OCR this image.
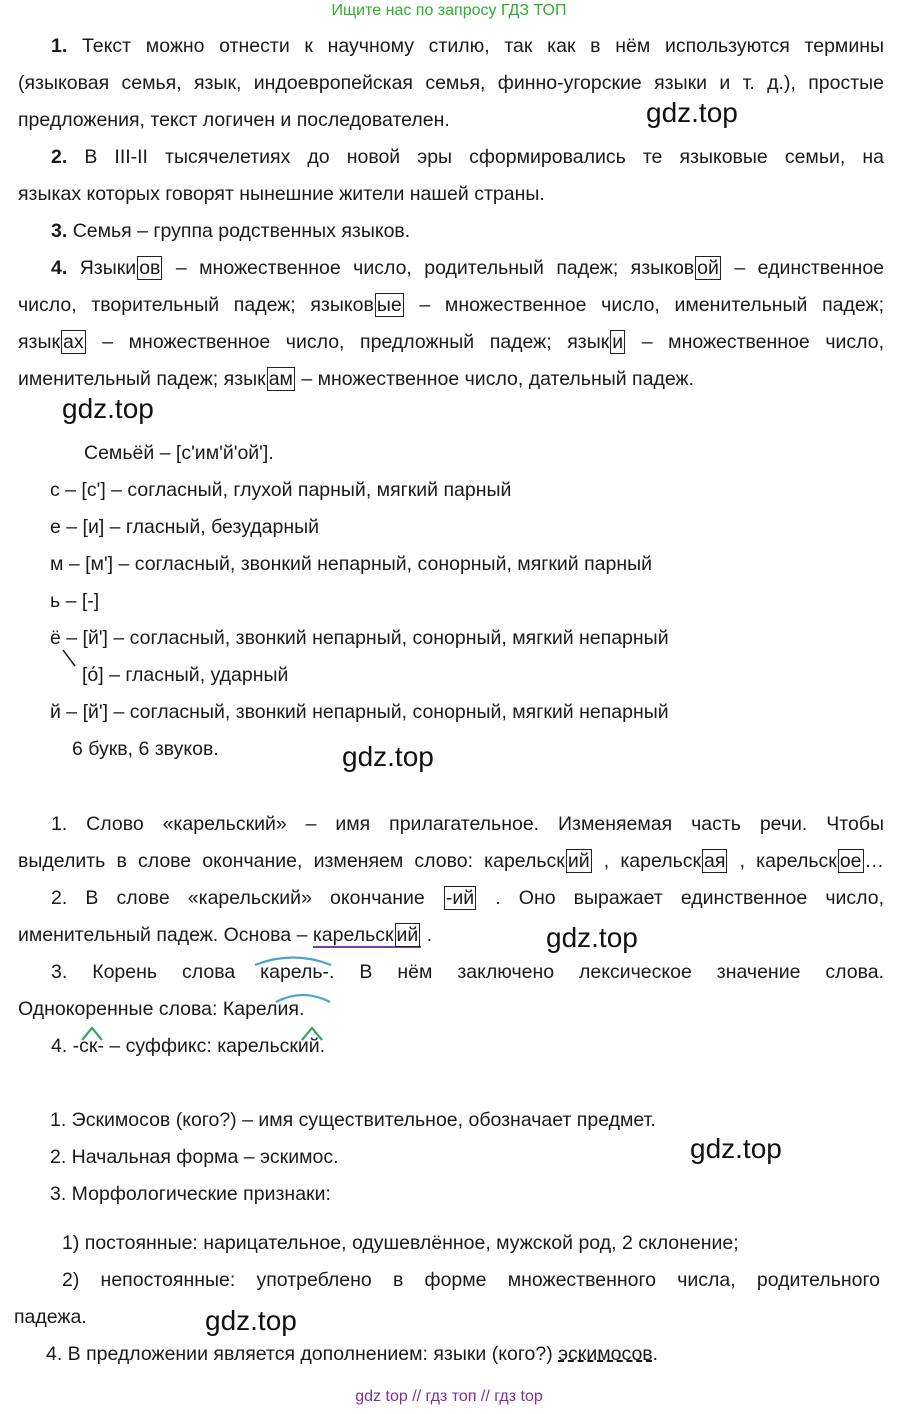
Ищите нас по запросу ГДЗ ТОП
1. Текст можно отнести к научному стилю, так как в нём используются термины
(языковая семья, язык, индоевропейская семья, финно-угорские языки и т. д.), простые
предложения, текст логичен и последователен.	gdz.top
2. В III-II тысячелетиях до новой эры сформировались те языковые семьи, на
языках которых говорят нынешние жители нашей страны.
3. Семья – группа родственных языков.
4. Языки ов – множественное число, родительный падеж; языков ой – единственное
число, творительный падеж; языков ые – множественное число, именительный падеж;
язык ах – множественное число, предложный падеж; язык и – множественное число,
именительный падеж; язык ам – множественное число, дательный падеж.
gdz.top
Семьёй – [с'им'й'ой'].
с – [с'] – согласный, глухой парный, мягкий парный
е – [и] – гласный, безударный
м – [м'] – согласный, звонкий непарный, сонорный, мягкий парный
ь – [-]
ё – [й'] – согласный, звонкий непарный, сонорный, мягкий непарный
[о́] – гласный, ударный
й – [й'] – согласный, звонкий непарный, сонорный, мягкий непарный
6 букв, 6 звуков.	gdz.top
1. Слово «карельский» – имя прилагательное. Изменяемая часть речи. Чтобы
выделить в слове окончание, изменяем слово: карельск ий , карельск ая , карельск ое …
2. В слове «карельский» окончание -ий . Оно выражает единственное число,
именительный падеж. Основа – карельск ий .	gdz.top
3. Корень слова карель-. В нём заключено лексическое значение слова.
Однокоренные слова: Карелия.
4. -ск- – суффикс: карельский.
1. Эскимосов (кого?) – имя существительное, обозначает предмет.
2. Начальная форма – эскимос.	gdz.top
3. Морфологические признаки:
1) постоянные: нарицательное, одушевлённое, мужской род, 2 склонение;
2) непостоянные: употреблено в форме множественного числа, родительного
падежа.	gdz.top
4. В предложении является дополнением: языки (кого?) эскимосов.
gdz top // гдз топ // гдз top
